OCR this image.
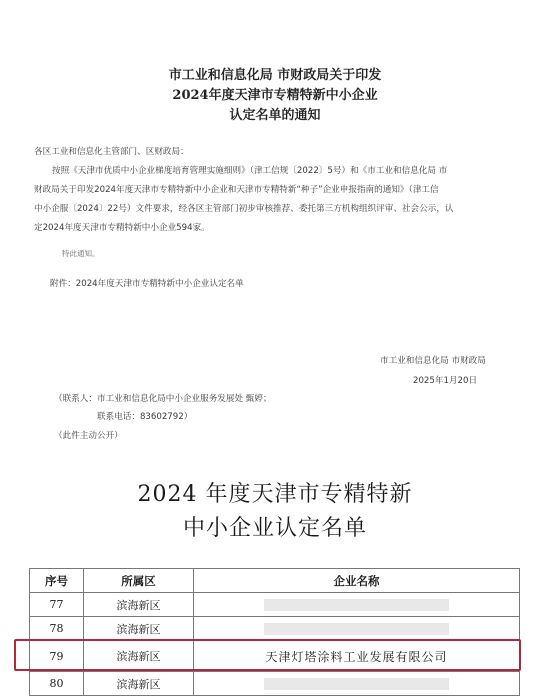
市工业和信息化局 市财政局关于印发
2024年度天津市专精特新中小企业
认定名单的通知
各区工业和信息化主管部门、区财政局：
按照《天津市优质中小企业梯度培育管理实施细则》（津工信规〔2022〕5号）和《市工业和信息化局 市
财政局关于印发2024年度天津市专精特新中小企业和天津市专精特新“种子”企业申报指南的通知》（津工信
中小企服〔2024〕22号）文件要求，经各区主管部门初步审核推荐、委托第三方机构组织评审、社会公示，认
定2024年度天津市专精特新中小企业594家。
特此通知。
附件：2024年度天津市专精特新中小企业认定名单
市工业和信息化局 市财政局
2025年1月20日
（联系人：市工业和信息化局中小企业服务发展处 甄婷；
联系电话：83602792）
（此件主动公开）
2024 年度天津市专精特新
中小企业认定名单
序号	所属区	企业名称
77	滨海新区	
78	滨海新区	
79	滨海新区	天津灯塔涂料工业发展有限公司
80	滨海新区	
